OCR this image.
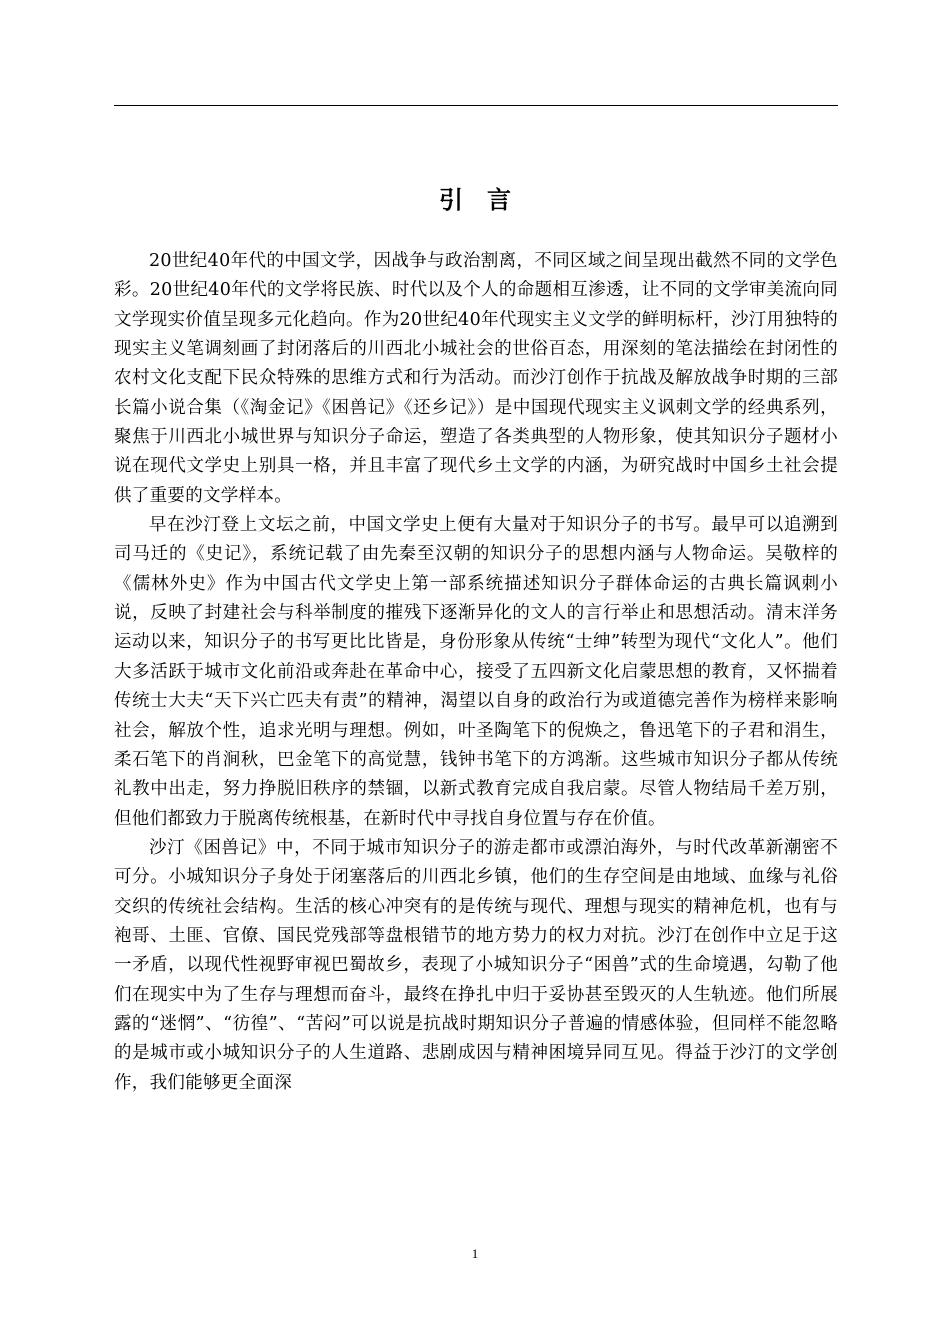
引言

20世纪40年代的中国文学，因战争与政治割离，不同区域之间呈现出截然不同的文学色彩。20世纪40年代的文学将民族、时代以及个人的命题相互渗透，让不同的文学审美流向同文学现实价值呈现多元化趋向。作为20世纪40年代现实主义文学的鲜明标杆，沙汀用独特的现实主义笔调刻画了封闭落后的川西北小城社会的世俗百态，用深刻的笔法描绘在封闭性的农村文化支配下民众特殊的思维方式和行为活动。而沙汀创作于抗战及解放战争时期的三部长篇小说合集（《淘金记》《困兽记》《还乡记》）是中国现代现实主义讽刺文学的经典系列，聚焦于川西北小城世界与知识分子命运，塑造了各类典型的人物形象，使其知识分子题材小说在现代文学史上别具一格，并且丰富了现代乡土文学的内涵，为研究战时中国乡土社会提供了重要的文学样本。

早在沙汀登上文坛之前，中国文学史上便有大量对于知识分子的书写。最早可以追溯到司马迁的《史记》，系统记载了由先秦至汉朝的知识分子的思想内涵与人物命运。吴敬梓的《儒林外史》作为中国古代文学史上第一部系统描述知识分子群体命运的古典长篇讽刺小说，反映了封建社会与科举制度的摧残下逐渐异化的文人的言行举止和思想活动。清末洋务运动以来，知识分子的书写更比比皆是，身份形象从传统“士绅”转型为现代“文化人”。他们大多活跃于城市文化前沿或奔赴在革命中心，接受了五四新文化启蒙思想的教育，又怀揣着传统士大夫“天下兴亡匹夫有责”的精神，渴望以自身的政治行为或道德完善作为榜样来影响社会，解放个性，追求光明与理想。例如，叶圣陶笔下的倪焕之，鲁迅笔下的子君和涓生，柔石笔下的肖涧秋，巴金笔下的高觉慧，钱钟书笔下的方鸿渐。这些城市知识分子都从传统礼教中出走，努力挣脱旧秩序的禁锢，以新式教育完成自我启蒙。尽管人物结局千差万别，但他们都致力于脱离传统根基，在新时代中寻找自身位置与存在价值。

沙汀《困兽记》中，不同于城市知识分子的游走都市或漂泊海外，与时代改革新潮密不可分。小城知识分子身处于闭塞落后的川西北乡镇，他们的生存空间是由地域、血缘与礼俗交织的传统社会结构。生活的核心冲突有的是传统与现代、理想与现实的精神危机，也有与袍哥、土匪、官僚、国民党残部等盘根错节的地方势力的权力对抗。沙汀在创作中立足于这一矛盾，以现代性视野审视巴蜀故乡，表现了小城知识分子“困兽”式的生命境遇，勾勒了他们在现实中为了生存与理想而奋斗，最终在挣扎中归于妥协甚至毁灭的人生轨迹。他们所展露的“迷惘”、“彷徨”、“苦闷”可以说是抗战时期知识分子普遍的情感体验，但同样不能忽略的是城市或小城知识分子的人生道路、悲剧成因与精神困境异同互见。得益于沙汀的文学创作，我们能够更全面深

1
